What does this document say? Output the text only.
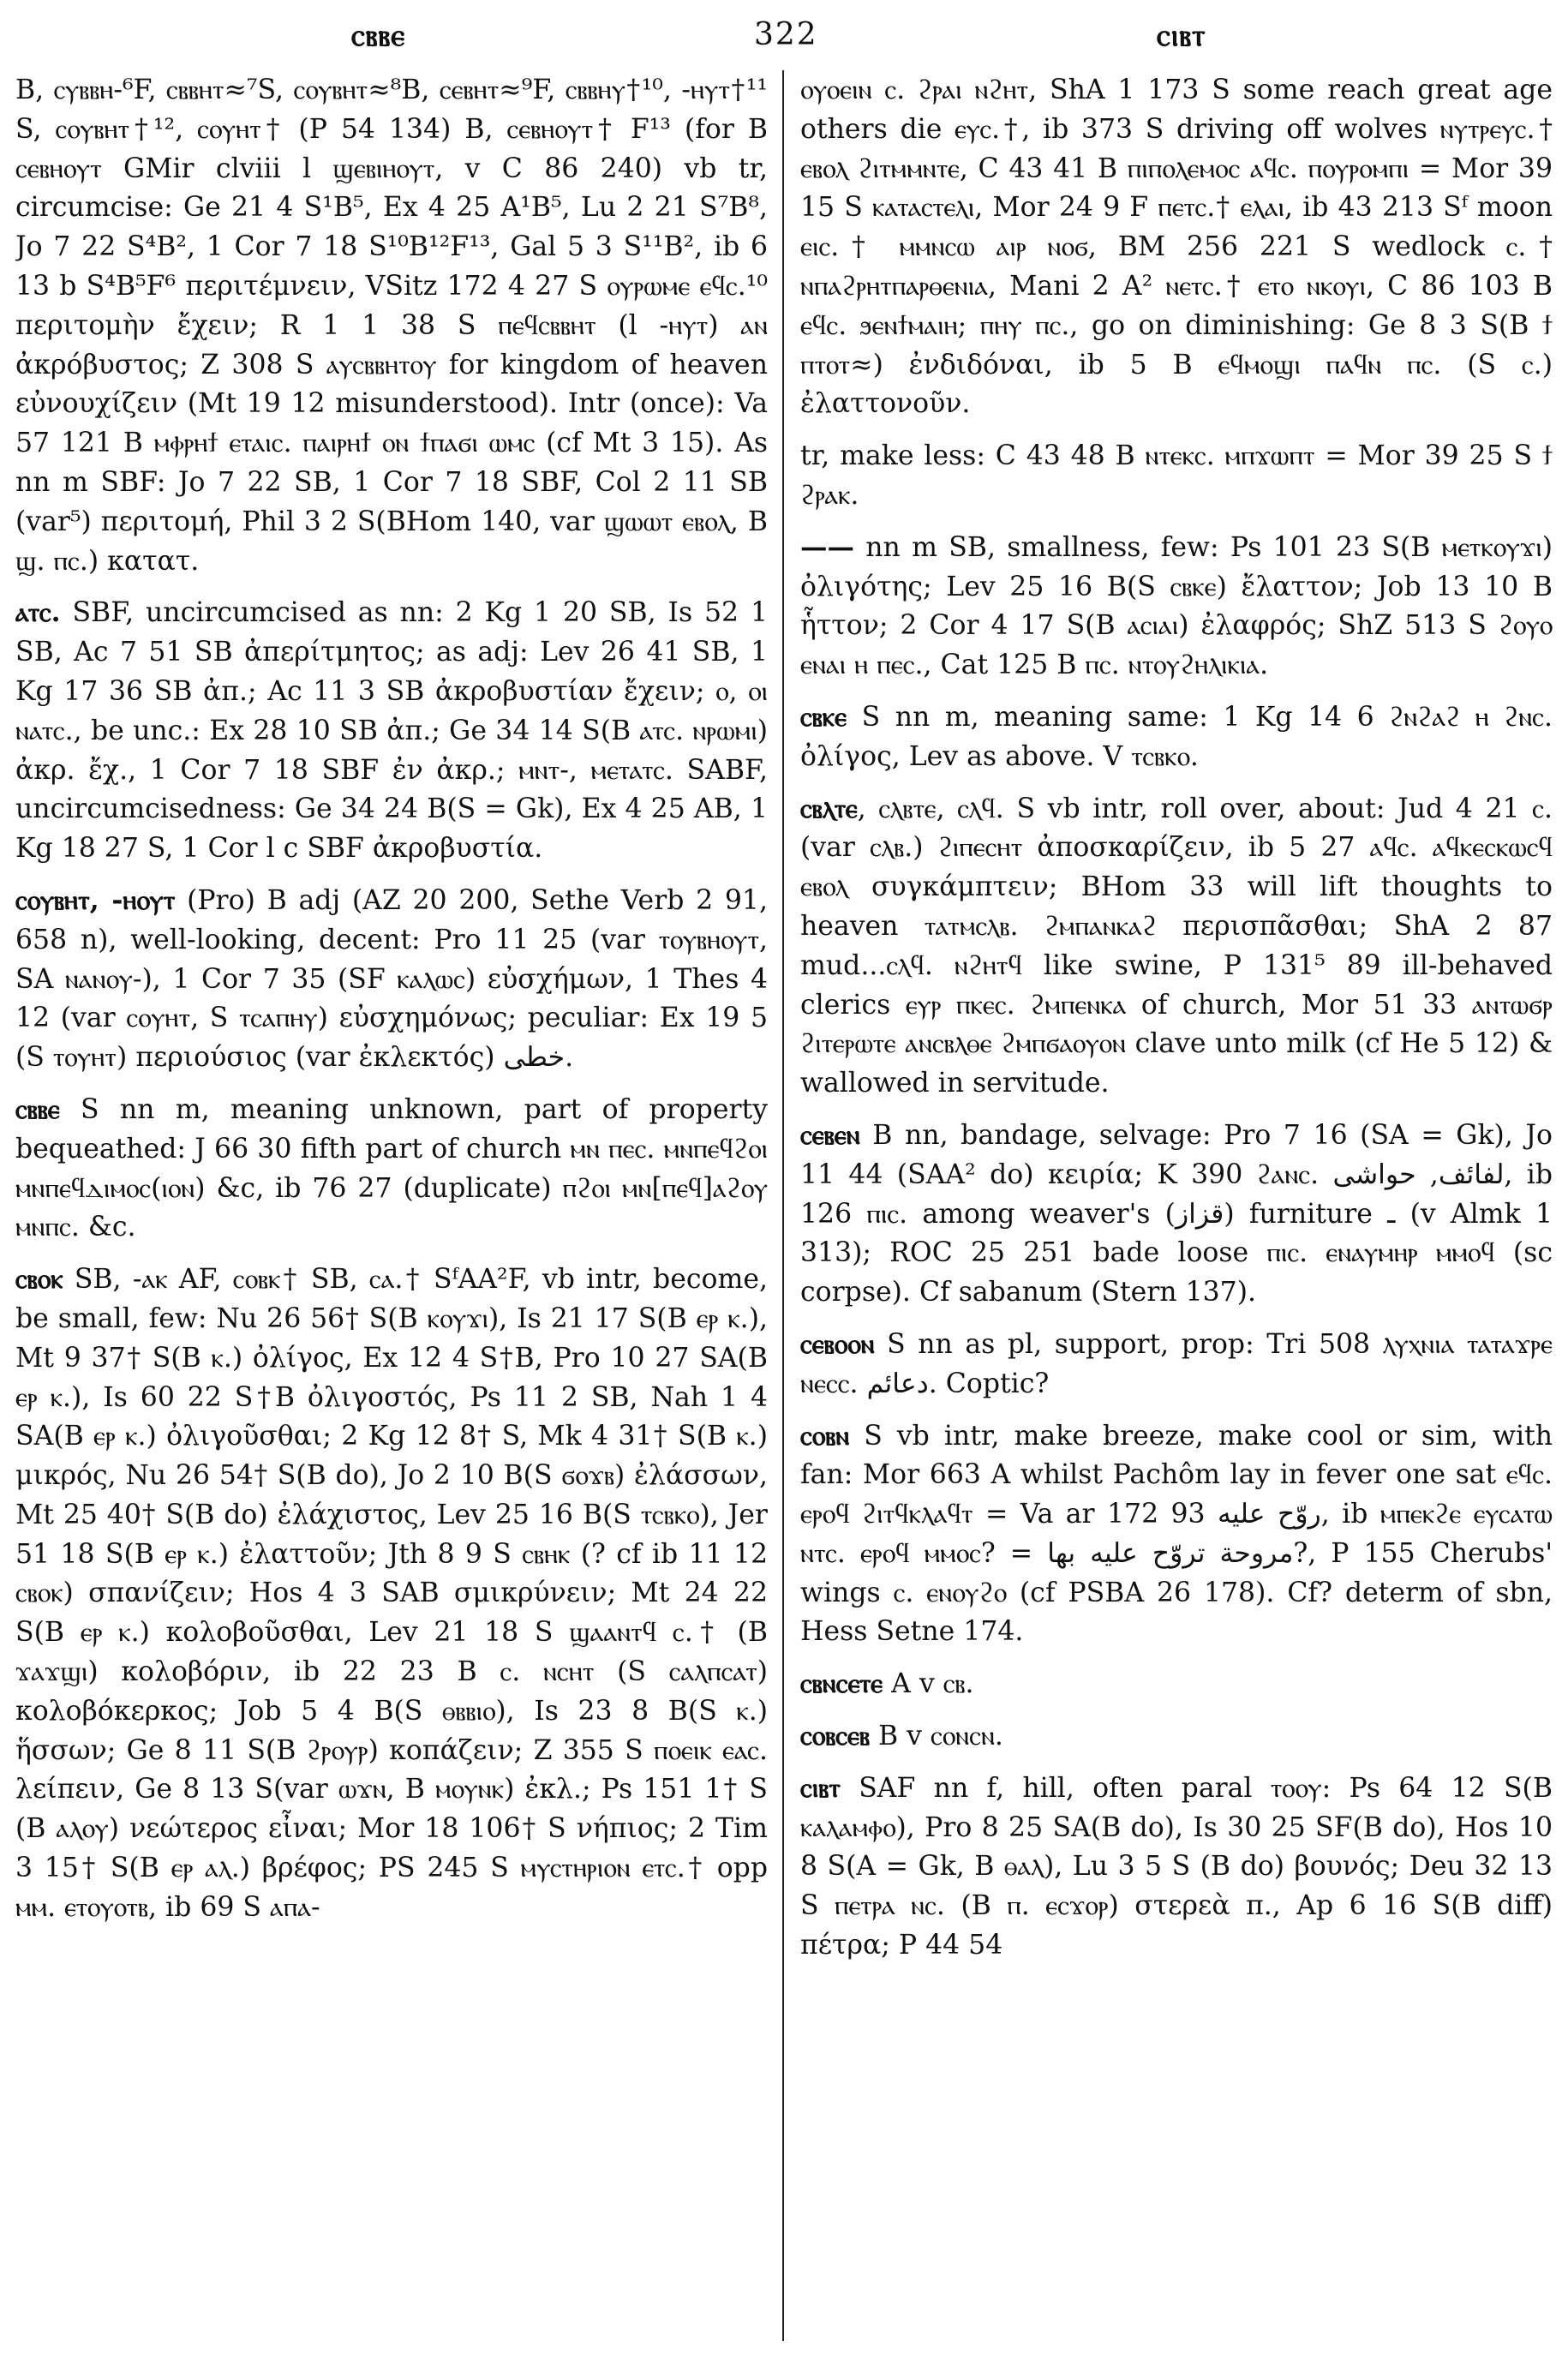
ⲥⲃⲃⲉ	322	ⲥⲓⲃⲧ

B, ⲥⲩⲃⲃⲏ-⁶F, ⲥⲃⲃⲏⲧ≈⁷S, ⲥⲟⲩⲃⲏⲧ≈⁸B, ⲥⲉⲃⲏⲧ≈⁹F, ⲥⲃⲃⲏⲩ†¹⁰, -ⲏⲩⲧ†¹¹ S, ⲥⲟⲩⲃⲏⲧ†¹², ⲥⲟⲩⲏⲧ† (P 54 134) B, ⲥⲉⲃⲏⲟⲩⲧ† F¹³ (for B ⲥⲉⲃⲏⲟⲩⲧ GMir clviii l ϣⲉⲃⲓⲏⲟⲩⲧ, v C 86 240) vb tr, circumcise: Ge 21 4 S¹B⁵, Ex 4 25 A¹B⁵, Lu 2 21 S⁷B⁸, Jo 7 22 S⁴B², 1 Cor 7 18 S¹⁰B¹²F¹³, Gal 5 3 S¹¹B², ib 6 13 b S⁴B⁵F⁶ περιτέμνειν, VSitz 172 4 27 S ⲟⲩⲣⲱⲙⲉ ⲉϥⲥ.¹⁰ περιτομὴν ἔχειν; R 1 1 38 S ⲡⲉϥⲥⲃⲃⲏⲧ (l -ⲏⲩⲧ) ⲁⲛ ἀκρόβυστος; Z 308 S ⲁⲩⲥⲃⲃⲏⲧⲟⲩ for kingdom of heaven εὐνουχίζειν (Mt 19 12 misunderstood). Intr (once): Va 57 121 B ⲙⲫⲣⲏϯ ⲉⲧⲁⲓⲥ. ⲡⲁⲓⲣⲏϯ ⲟⲛ ϯⲡⲁϭⲓ ⲱⲙⲥ (cf Mt 3 15). As nn m SBF: Jo 7 22 SB, 1 Cor 7 18 SBF, Col 2 11 SB (var⁵) περιτομή, Phil 3 2 S(BHom 140, var ϣⲱⲱⲧ ⲉⲃⲟⲗ, B ϣ. ⲡⲥ.) κατατ.

ⲁⲧⲥ. SBF, uncircumcised as nn: 2 Kg 1 20 SB, Is 52 1 SB, Ac 7 51 SB ἀπερίτμητος; as adj: Lev 26 41 SB, 1 Kg 17 36 SB ἀπ.; Ac 11 3 SB ἀκροβυστίαν ἔχειν; ⲟ, ⲟⲓ ⲛⲁⲧⲥ., be unc.: Ex 28 10 SB ἀπ.; Ge 34 14 S(B ⲁⲧⲥ. ⲛⲣⲱⲙⲓ) ἀκρ. ἔχ., 1 Cor 7 18 SBF ἐν ἀκρ.; ⲙⲛⲧ-, ⲙⲉⲧⲁⲧⲥ. SABF, uncircumcisedness: Ge 34 24 B(S = Gk), Ex 4 25 AB, 1 Kg 18 27 S, 1 Cor l c SBF ἀκροβυστία.

ⲥⲟⲩⲃⲏⲧ, -ⲏⲟⲩⲧ (Pro) B adj (AZ 20 200, Sethe Verb 2 91, 658 n), well-looking, decent: Pro 11 25 (var ⲧⲟⲩⲃⲏⲟⲩⲧ, SA ⲛⲁⲛⲟⲩ-), 1 Cor 7 35 (SF ⲕⲁⲗⲱⲥ) εὐσχήμων, 1 Thes 4 12 (var ⲥⲟⲩⲏⲧ, S ⲧⲥⲁⲡⲏⲩ) εὐσχημόνως; peculiar: Ex 19 5 (S ⲧⲟⲩⲏⲧ) περιούσιος (var ἐκλεκτός) خطى.

ⲥⲃⲃⲉ S nn m, meaning unknown, part of property bequeathed: J 66 30 fifth part of church ⲙⲛ ⲡⲉⲥ. ⲙⲛⲡⲉϥϩⲟⲓ ⲙⲛⲡⲉϥⲇⲓⲙⲟⲥ(ⲓⲟⲛ) &c, ib 76 27 (duplicate) ⲡϩⲟⲓ ⲙⲛ[ⲡⲉϥ]ⲁϩⲟⲩ ⲙⲛⲡⲥ. &c.

ⲥⲃⲟⲕ SB, -ⲁⲕ AF, ⲥⲟⲃⲕ† SB, ⲥⲁ.† SᶠAA²F, vb intr, become, be small, few: Nu 26 56† S(B ⲕⲟⲩϫⲓ), Is 21 17 S(B ⲉⲣ ⲕ.), Mt 9 37† S(B ⲕ.) ὀλίγος, Ex 12 4 S†B, Pro 10 27 SA(B ⲉⲣ ⲕ.), Is 60 22 S†B ὀλιγοστός, Ps 11 2 SB, Nah 1 4 SA(B ⲉⲣ ⲕ.) ὀλιγοῦσθαι; 2 Kg 12 8† S, Mk 4 31† S(B ⲕ.) μικρός, Nu 26 54† S(B do), Jo 2 10 B(S ϭⲟϫⲃ) ἐλάσσων, Mt 25 40† S(B do) ἐλάχιστος, Lev 25 16 B(S ⲧⲥⲃⲕⲟ), Jer 51 18 S(B ⲉⲣ ⲕ.) ἐλαττοῦν; Jth 8 9 S ⲥⲃⲏⲕ (? cf ib 11 12 ⲥⲃⲟⲕ) σπανίζειν; Hos 4 3 SAB σμικρύνειν; Mt 24 22 S(B ⲉⲣ ⲕ.) κολοβοῦσθαι, Lev 21 18 S ϣⲁⲁⲛⲧϥ ⲥ.† (B ϫⲁϫϣⲓ) κολοβόριν, ib 22 23 B ⲥ. ⲛⲥⲏⲧ (S ⲥⲁⲗⲡⲥⲁⲧ) κολοβόκερκος; Job 5 4 B(S ⲑⲃⲃⲓⲟ), Is 23 8 B(S ⲕ.) ἥσσων; Ge 8 11 S(B ϩⲣⲟⲩⲣ) κοπάζειν; Z 355 S ⲡⲟⲉⲓⲕ ⲉⲁⲥ. λείπειν, Ge 8 13 S(var ⲱϫⲛ, B ⲙⲟⲩⲛⲕ) ἐκλ.; Ps 151 1† S (B ⲁⲗⲟⲩ) νεώτερος εἶναι; Mor 18 106† S νήπιος; 2 Tim 3 15† S(B ⲉⲣ ⲁⲗ.) βρέφος; PS 245 S ⲙⲩⲥⲧⲏⲣⲓⲟⲛ ⲉⲧⲥ.† opp ⲙⲙ. ⲉⲧⲟⲩⲟⲧⲃ, ib 69 S ⲁⲡⲁ-

ⲟⲩⲟⲉⲓⲛ ⲥ. ϩⲣⲁⲓ ⲛϩⲏⲧ, ShA 1 173 S some reach great age others die ⲉⲩⲥ.†, ib 373 S driving off wolves ⲛⲩⲧⲣⲉⲩⲥ.† ⲉⲃⲟⲗ ϩⲓⲧⲙⲙⲛⲧⲉ, C 43 41 B ⲡⲓⲡⲟⲗⲉⲙⲟⲥ ⲁϥⲥ. ⲡⲟⲩⲣⲟⲙⲡⲓ = Mor 39 15 S ⲕⲁⲧⲁⲥⲧⲉⲗⲓ, Mor 24 9 F ⲡⲉⲧⲥ.† ⲉⲗⲁⲓ, ib 43 213 Sᶠ moon ⲉⲓⲥ.† ⲙⲙⲛⲥⲱ ⲁⲓⲣ ⲛⲟϭ, BM 256 221 S wedlock ⲥ.† ⲛⲡⲁϩⲣⲏⲧⲡⲁⲣⲑⲉⲛⲓⲁ, Mani 2 A² ⲛⲉⲧⲥ.† ⲉⲧⲟ ⲛⲕⲟⲩⲓ, C 86 103 B ⲉϥⲥ. ϧⲉⲛϯⲙⲁⲓⲏ; ⲡⲏⲩ ⲡⲥ., go on diminishing: Ge 8 3 S(B ϯ ⲡⲧⲟⲧ≈) ἐνδιδόναι, ib 5 B ⲉϥⲙⲟϣⲓ ⲡⲁϥⲛ ⲡⲥ. (S ⲥ.) ἐλαττονοῦν.

tr, make less: C 43 48 B ⲛⲧⲉⲕⲥ. ⲙⲡϫⲱⲡⲧ = Mor 39 25 S ϯ ϩⲣⲁⲕ.

—— nn m SB, smallness, few: Ps 101 23 S(B ⲙⲉⲧⲕⲟⲩϫⲓ) ὀλιγότης; Lev 25 16 B(S ⲥⲃⲕⲉ) ἔλαττον; Job 13 10 B ἧττον; 2 Cor 4 17 S(B ⲁⲥⲓⲁⲓ) ἐλαφρός; ShZ 513 S ϩⲟⲩⲟ ⲉⲛⲁⲓ ⲏ ⲡⲉⲥ., Cat 125 B ⲡⲥ. ⲛⲧⲟⲩϩⲏⲗⲓⲕⲓⲁ.

ⲥⲃⲕⲉ S nn m, meaning same: 1 Kg 14 6 ϩⲛϩⲁϩ ⲏ ϩⲛⲥ. ὀλίγος, Lev as above. V ⲧⲥⲃⲕⲟ.

ⲥⲃⲗⲧⲉ, ⲥⲗⲃⲧⲉ, ⲥⲗϥ. S vb intr, roll over, about: Jud 4 21 ⲥ.(var ⲥⲗⲃ.) ϩⲓⲡⲉⲥⲏⲧ ἀποσκαρίζειν, ib 5 27 ⲁϥⲥ. ⲁϥⲕⲉⲥⲕⲱⲥϥ ⲉⲃⲟⲗ συγκάμπτειν; BHom 33 will lift thoughts to heaven ⲧⲁⲧⲙⲥⲗⲃ. ϩⲙⲡⲁⲛⲕⲁϩ περισπᾶσθαι; ShA 2 87 mud...ⲥⲗϥ. ⲛϩⲏⲧϥ like swine, P 131⁵ 89 ill-behaved clerics ⲉⲩⲣ ⲡⲕⲉⲥ. ϩⲙⲡⲉⲛⲕⲁ of church, Mor 51 33 ⲁⲛⲧⲱϭⲣ ϩⲓⲧⲉⲣⲱⲧⲉ ⲁⲛⲥⲃⲗⲑⲉ ϩⲙⲡϭⲁⲟⲩⲟⲛ clave unto milk (cf He 5 12) & wallowed in servitude.

ⲥⲉⲃⲉⲛ B nn, bandage, selvage: Pro 7 16 (SA = Gk), Jo 11 44 (SAA² do) κειρία; K 390 ϩⲁⲛⲥ. لفائف, حواشى, ib 126 ⲡⲓⲥ. among weaver's (قزاز) furniture ـ (v Almk 1 313); ROC 25 251 bade loose ⲡⲓⲥ. ⲉⲛⲁⲩⲙⲏⲣ ⲙⲙⲟϥ (sc corpse). Cf sabanum (Stern 137).

ⲥⲉⲃⲟⲟⲛ S nn as pl, support, prop: Tri 508 ⲗⲩⲭⲛⲓⲁ ⲧⲁⲧⲁϫⲣⲉ ⲛⲉⲥⲥ. دعائم. Coptic?

ⲥⲟⲃⲛ S vb intr, make breeze, make cool or sim, with fan: Mor 663 A whilst Pachôm lay in fever one sat ⲉϥⲥ. ⲉⲣⲟϥ ϩⲓⲧϥⲕⲗⲁϥⲧ = Va ar 172 93 روّح عليه, ib ⲙⲡⲉⲕϩⲉ ⲉⲩⲥⲁⲧⲱ ⲛⲧⲥ. ⲉⲣⲟϥ ⲙⲙⲟⲥ? = مروحة تروّح عليه بها?, P 155 Cherubs' wings ⲥ. ⲉⲛⲟⲩϩⲟ (cf PSBA 26 178). Cf? determ of sbn, Hess Setne 174.

ⲥⲃⲛⲥⲉⲧⲉ A v ⲥⲃ.

ⲥⲟⲃⲥⲉⲃ B v ⲥⲟⲛⲥⲛ.

ⲥⲓⲃⲧ SAF nn f, hill, often paral ⲧⲟⲟⲩ: Ps 64 12 S(B ⲕⲁⲗⲁⲙⲫⲟ), Pro 8 25 SA(B do), Is 30 25 SF(B do), Hos 10 8 S(A = Gk, B ⲑⲁⲗ), Lu 3 5 S (B do) βουνός; Deu 32 13 S ⲡⲉⲧⲣⲁ ⲛⲥ. (B ⲡ. ⲉⲥϫⲟⲣ) στερεὰ π., Ap 6 16 S(B diff) πέτρα; P 44 54
